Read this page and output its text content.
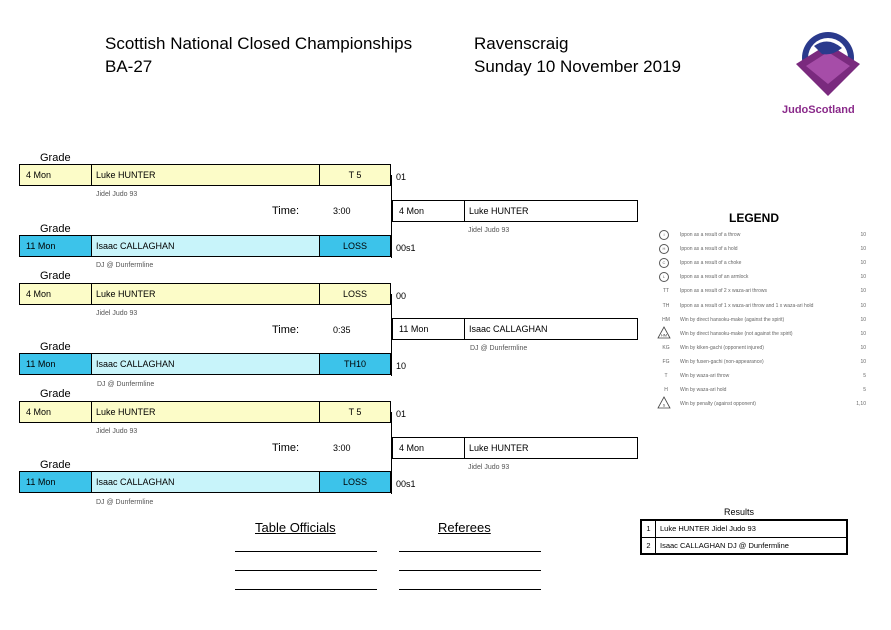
Scottish National Closed Championships
BA-27
Ravenscraig
Sunday 10 November 2019
JudoScotland
Grade
4 Mon	Luke HUNTER	T 5	01
Jidel Judo 93
Time:	3:00
Grade
11 Mon	Isaac CALLAGHAN	LOSS	00s1
DJ @ Dunfermline
4 Mon	Luke HUNTER
Jidel Judo 93
Grade
4 Mon	Luke HUNTER	LOSS	00
Jidel Judo 93
Time:	0:35
Grade
11 Mon	Isaac CALLAGHAN	TH10	10
DJ @ Dunfermline
11 Mon	Isaac CALLAGHAN
DJ @ Dunfermline
Grade
4 Mon	Luke HUNTER	T 5	01
Jidel Judo 93
Time:	3:00
Grade
11 Mon	Isaac CALLAGHAN	LOSS	00s1
DJ @ Dunfermline
4 Mon	Luke HUNTER
Jidel Judo 93
LEGEND
I	Ippon as a result of a throw	10
H	Ippon as a result of a hold	10
C	Ippon as a result of a choke	10
L	Ippon as a result of an armlock	10
TT	Ippon as a result of 2 x waza-ari throws	10
TH	Ippon as a result of 1 x waza-ari throw and 1 x waza-ari hold	10
HM	Win by direct hansoku-make (against the spirit)	10
HM	Win by direct hansoku-make (not against the spirit)	10
KG	Win by kiken-gachi (opponent injured)	10
FG	Win by fusen-gachi (non-appearance)	10
T	Win by waza-ari throw	5
H	Win by waza-ari hold	5
S	Win by penalty (against opponent)	1,10
Results
1	Luke HUNTER Jidel Judo 93
2	Isaac CALLAGHAN DJ @ Dunfermline
Table Officials	Referees
